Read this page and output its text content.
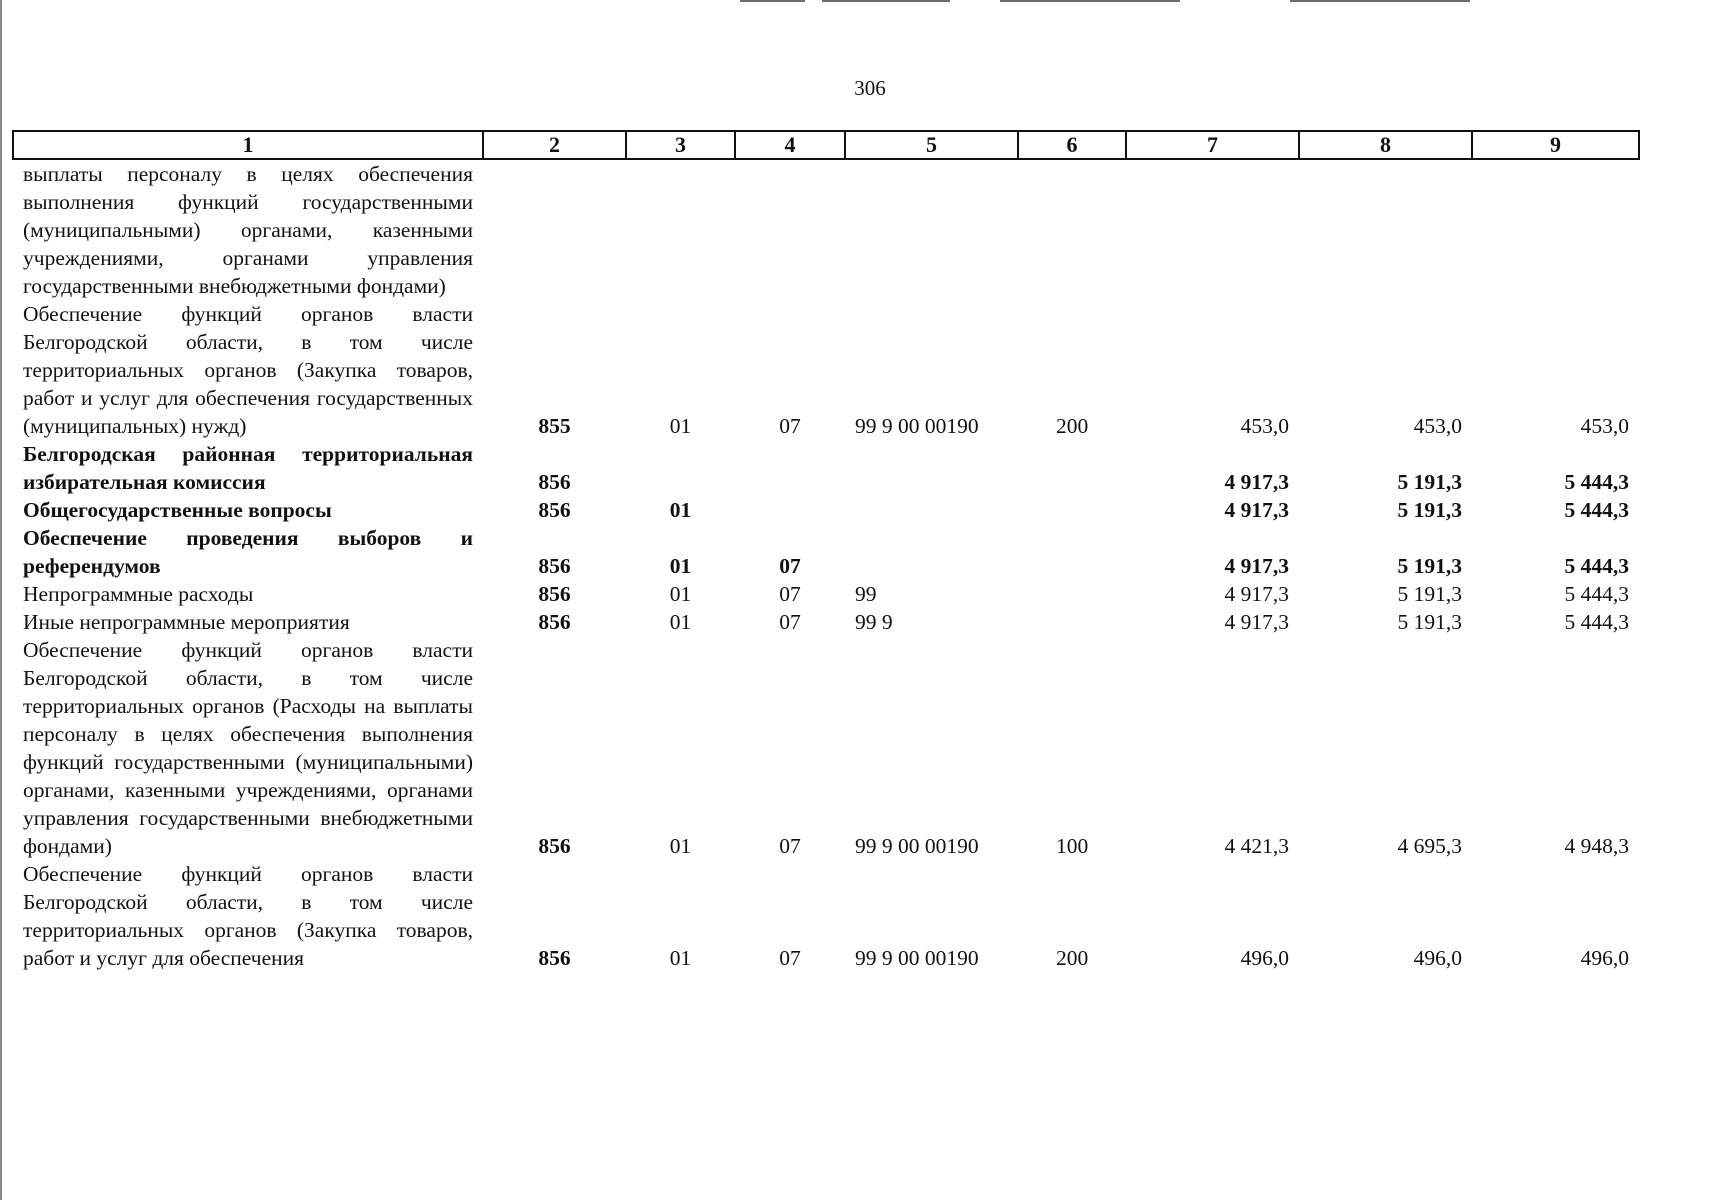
306
1	2	3	4	5	6	7	8	9
выплаты персоналу в целях обеспечения выполнения функций государственными (муниципальными) органами, казенными учреждениями, органами управления государственными внебюджетными фондами)								
Обеспечение функций органов власти Белгородской области, в том числе территориальных органов (Закупка товаров, работ и услуг для обеспечения государственных (муниципальных) нужд)	855	01	07	99 9 00 00190	200	453,0	453,0	453,0
Белгородская районная территориальная избирательная комиссия	856					4 917,3	5 191,3	5 444,3
Общегосударственные вопросы	856	01				4 917,3	5 191,3	5 444,3
Обеспечение проведения выборов и референдумов	856	01	07			4 917,3	5 191,3	5 444,3
Непрограммные расходы	856	01	07	99		4 917,3	5 191,3	5 444,3
Иные непрограммные мероприятия	856	01	07	99 9		4 917,3	5 191,3	5 444,3
Обеспечение функций органов власти Белгородской области, в том числе территориальных органов (Расходы на выплаты персоналу в целях обеспечения выполнения функций государственными (муниципальными) органами, казенными учреждениями, органами управления государственными внебюджетными фондами)	856	01	07	99 9 00 00190	100	4 421,3	4 695,3	4 948,3
Обеспечение функций органов власти Белгородской области, в том числе территориальных органов (Закупка товаров, работ и услуг для обеспечения	856	01	07	99 9 00 00190	200	496,0	496,0	496,0
